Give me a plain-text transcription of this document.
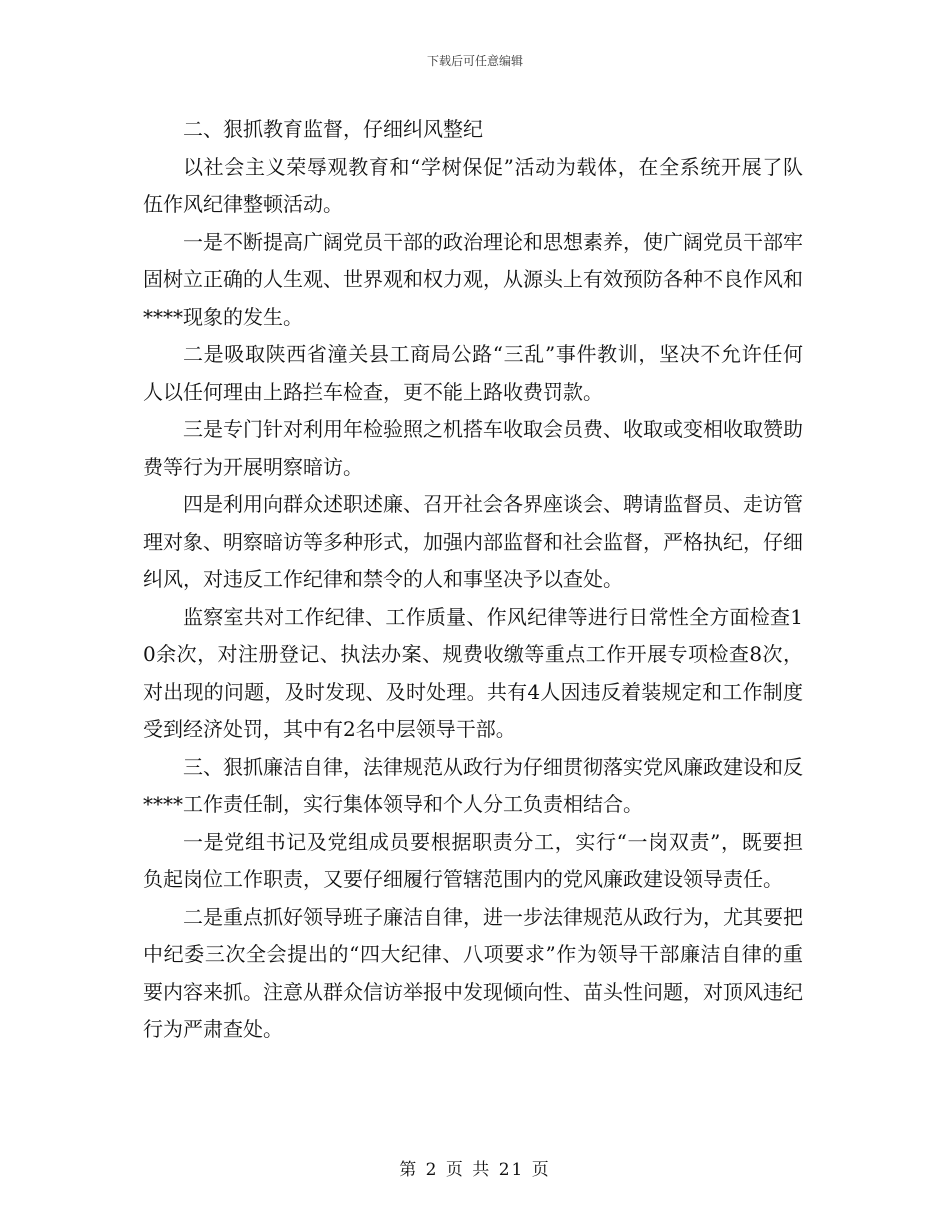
下载后可任意编辑

二、狠抓教育监督，仔细纠风整纪

以社会主义荣辱观教育和“学树保促”活动为载体，在全系统开展了队伍作风纪律整顿活动。

一是不断提高广阔党员干部的政治理论和思想素养，使广阔党员干部牢固树立正确的人生观、世界观和权力观，从源头上有效预防各种不良作风和****现象的发生。

二是吸取陕西省潼关县工商局公路“三乱”事件教训，坚决不允许任何人以任何理由上路拦车检查，更不能上路收费罚款。

三是专门针对利用年检验照之机搭车收取会员费、收取或变相收取赞助费等行为开展明察暗访。

四是利用向群众述职述廉、召开社会各界座谈会、聘请监督员、走访管理对象、明察暗访等多种形式，加强内部监督和社会监督，严格执纪，仔细纠风，对违反工作纪律和禁令的人和事坚决予以查处。

监察室共对工作纪律、工作质量、作风纪律等进行日常性全方面检查10余次，对注册登记、执法办案、规费收缴等重点工作开展专项检查8次，对出现的问题，及时发现、及时处理。共有4人因违反着装规定和工作制度受到经济处罚，其中有2名中层领导干部。

三、狠抓廉洁自律，法律规范从政行为仔细贯彻落实党风廉政建设和反****工作责任制，实行集体领导和个人分工负责相结合。

一是党组书记及党组成员要根据职责分工，实行“一岗双责”，既要担负起岗位工作职责，又要仔细履行管辖范围内的党风廉政建设领导责任。

二是重点抓好领导班子廉洁自律，进一步法律规范从政行为，尤其要把中纪委三次全会提出的“四大纪律、八项要求”作为领导干部廉洁自律的重要内容来抓。注意从群众信访举报中发现倾向性、苗头性问题，对顶风违纪行为严肃查处。

第 2 页 共 21 页
